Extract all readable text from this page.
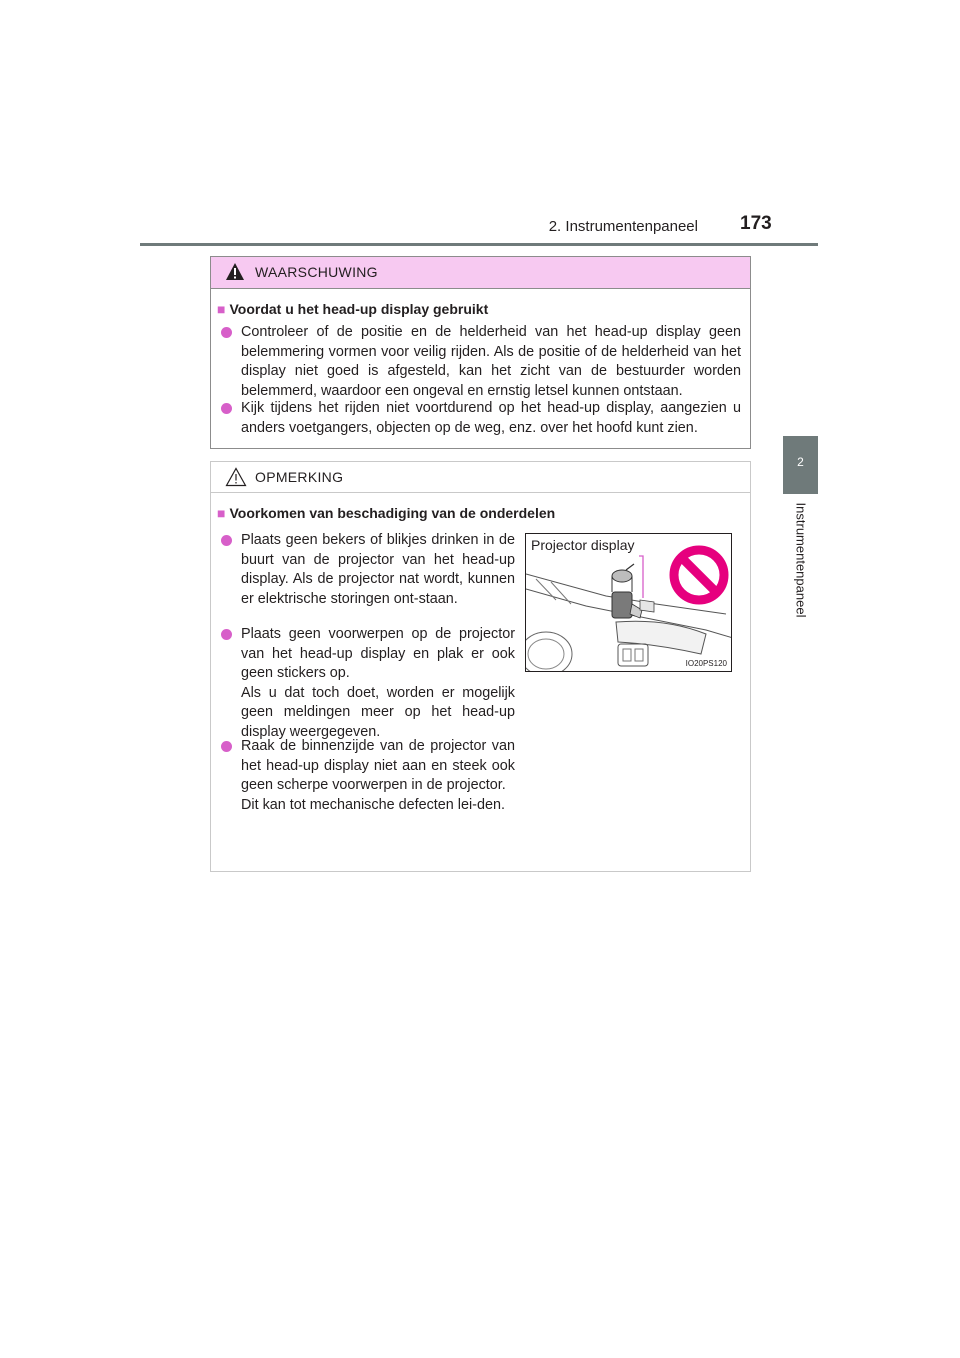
2. Instrumentenpaneel 173
2
Instrumentenpaneel
WAARSCHUWING
■ Voordat u het head-up display gebruikt
Controleer of de positie en de helderheid van het head-up display geen belemmering vormen voor veilig rijden. Als de positie of de helderheid van het display niet goed is afgesteld, kan het zicht van de bestuurder worden belemmerd, waardoor een ongeval en ernstig letsel kunnen ontstaan.
Kijk tijdens het rijden niet voortdurend op het head-up display, aangezien u anders voetgangers, objecten op de weg, enz. over het hoofd kunt zien.
OPMERKING
■ Voorkomen van beschadiging van de onderdelen

Plaats geen bekers of blikjes drinken in de buurt van de projector van het head-up display. Als de projector nat wordt, kunnen er elektrische storingen ont-staan.

Plaats geen voorwerpen op de projector van het head-up display en plak er ook geen stickers op.

Als u dat toch doet, worden er mogelijk geen meldingen meer op het head-up display weergegeven.

Raak de binnenzijde van de projector van het head-up display niet aan en steek ook geen scherpe voorwerpen in de projector.

Dit kan tot mechanische defecten lei-den.

Projector display
IO20PS120
